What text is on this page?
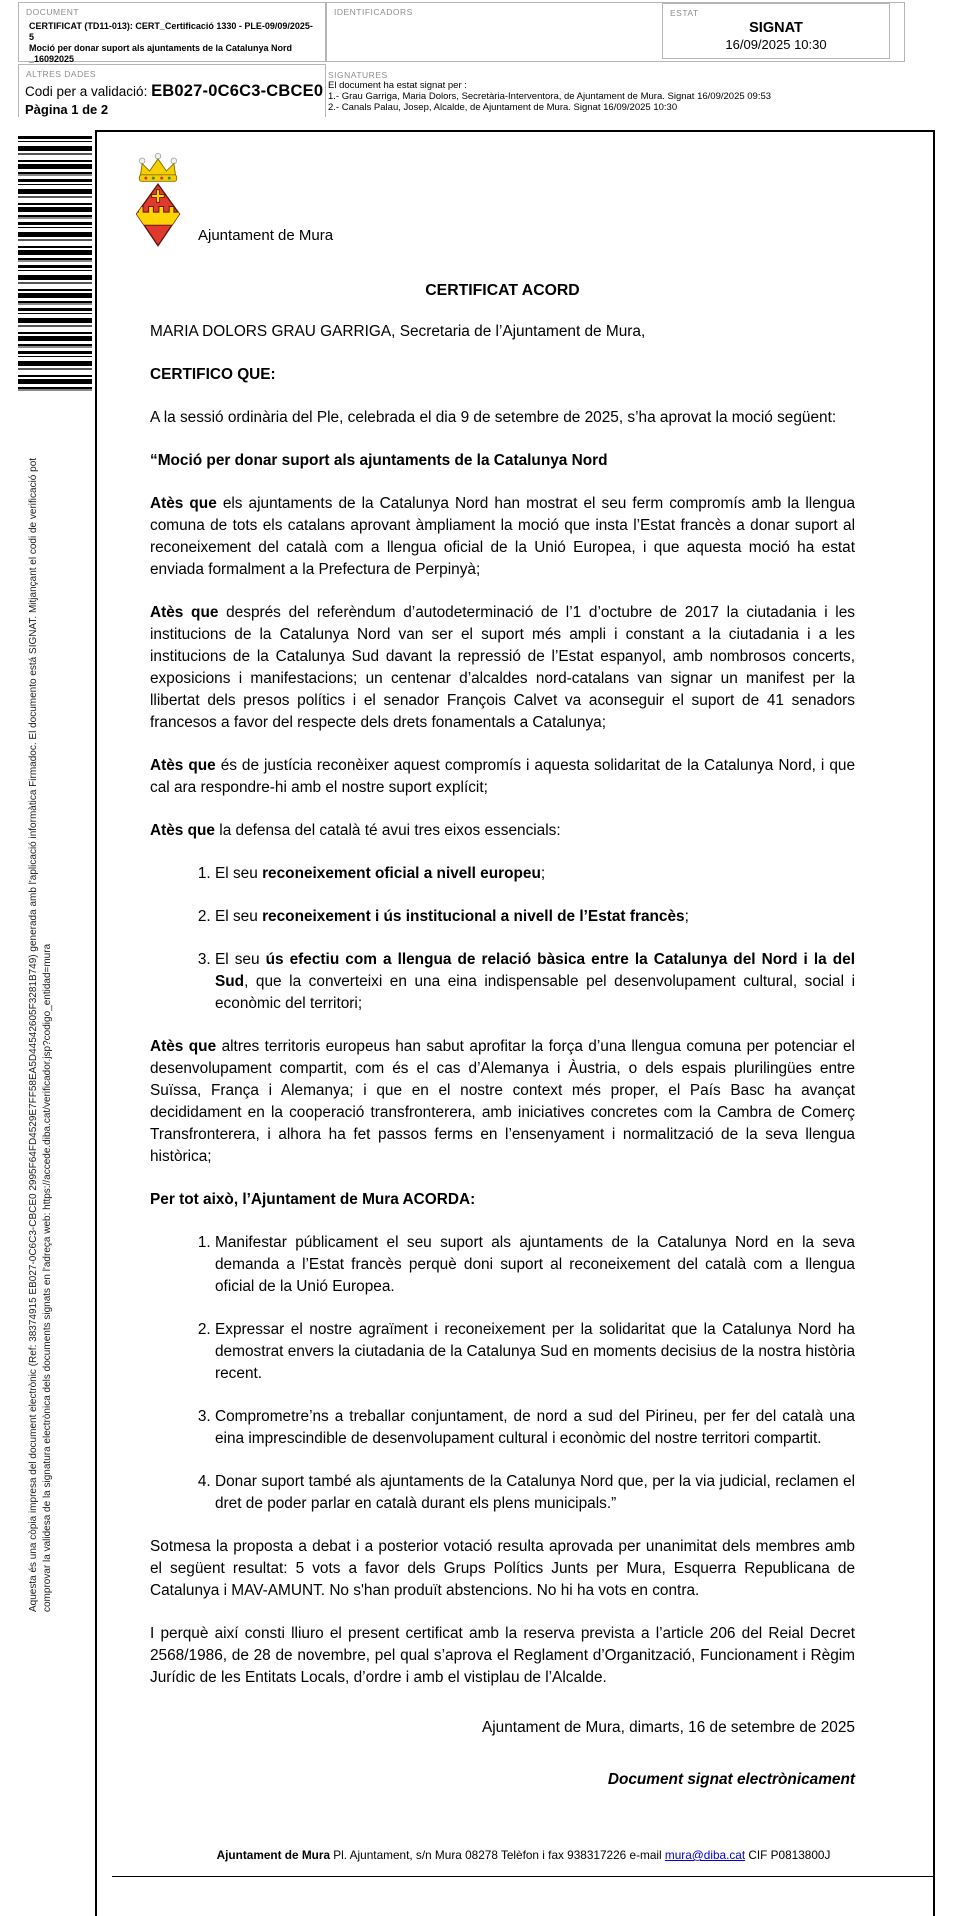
DOCUMENT
CERTIFICAT (TD11-013): CERT_Certificació 1330 - PLE-09/09/2025-5
Moció per donar suport als ajuntaments de la Catalunya Nord
_16092025
IDENTIFICADORS	ESTAT
SIGNAT
16/09/2025 10:30
ALTRES DADES
Codi per a validació: EB027-0C6C3-CBCE0
Pàgina 1 de 2
SIGNATURES
El document ha estat signat per :
1.- Grau Garriga, Maria Dolors, Secretària-Interventora, de Ajuntament de Mura. Signat 16/09/2025 09:53
2.- Canals Palau, Josep, Alcalde, de Ajuntament de Mura. Signat 16/09/2025 10:30
Aquesta és una còpia impresa del document electrònic (Ref: 38374915 EB027-0C6C3-CBCE0 2995F64FD4529E7FF58EA5D44542605F3281B749) generada amb l'aplicació informàtica Firmadoc. El documento está SIGNAT. Mitjançant el codi de verificació pot comprovar la validesa de la signatura electrònica dels documents signats en l'adreça web: https://accede.diba.cat/verificador.jsp?codigo_entidad=mura
Ajuntament de Mura
CERTIFICAT ACORD

MARIA DOLORS GRAU GARRIGA, Secretaria de l’Ajuntament de Mura,

CERTIFICO QUE:

A la sessió ordinària del Ple, celebrada el dia 9 de setembre de 2025, s’ha aprovat la moció següent:

“Moció per donar suport als ajuntaments de la Catalunya Nord

Atès que els ajuntaments de la Catalunya Nord han mostrat el seu ferm compromís amb la llengua comuna de tots els catalans aprovant àmpliament la moció que insta l’Estat francès a donar suport al reconeixement del català com a llengua oficial de la Unió Europea, i que aquesta moció ha estat enviada formalment a la Prefectura de Perpinyà;

Atès que després del referèndum d’autodeterminació de l’1 d’octubre de 2017 la ciutadania i les institucions de la Catalunya Nord van ser el suport més ampli i constant a la ciutadania i a les institucions de la Catalunya Sud davant la repressió de l’Estat espanyol, amb nombrosos concerts, exposicions i manifestacions; un centenar d’alcaldes nord-catalans van signar un manifest per la llibertat dels presos polítics i el senador François Calvet va aconseguir el suport de 41 senadors francesos a favor del respecte dels drets fonamentals a Catalunya;

Atès que és de justícia reconèixer aquest compromís i aquesta solidaritat de la Catalunya Nord, i que cal ara respondre-hi amb el nostre suport explícit;

Atès que la defensa del català té avui tres eixos essencials:

1. El seu reconeixement oficial a nivell europeu;
2. El seu reconeixement i ús institucional a nivell de l’Estat francès;
3. El seu ús efectiu com a llengua de relació bàsica entre la Catalunya del Nord i la del Sud, que la converteixi en una eina indispensable pel desenvolupament cultural, social i econòmic del territori;

Atès que altres territoris europeus han sabut aprofitar la força d’una llengua comuna per potenciar el desenvolupament compartit, com és el cas d’Alemanya i Àustria, o dels espais plurilingües entre Suïssa, França i Alemanya; i que en el nostre context més proper, el País Basc ha avançat decididament en la cooperació transfronterera, amb iniciatives concretes com la Cambra de Comerç Transfronterera, i alhora ha fet passos ferms en l’ensenyament i normalització de la seva llengua històrica;

Per tot això, l’Ajuntament de Mura ACORDA:

1. Manifestar públicament el seu suport als ajuntaments de la Catalunya Nord en la seva demanda a l’Estat francès perquè doni suport al reconeixement del català com a llengua oficial de la Unió Europea.
2. Expressar el nostre agraïment i reconeixement per la solidaritat que la Catalunya Nord ha demostrat envers la ciutadania de la Catalunya Sud en moments decisius de la nostra història recent.
3. Comprometre’ns a treballar conjuntament, de nord a sud del Pirineu, per fer del català una eina imprescindible de desenvolupament cultural i econòmic del nostre territori compartit.
4. Donar suport també als ajuntaments de la Catalunya Nord que, per la via judicial, reclamen el dret de poder parlar en català durant els plens municipals.”

Sotmesa la proposta a debat i a posterior votació resulta aprovada per unanimitat dels membres amb el següent resultat: 5 vots a favor dels Grups Polítics Junts per Mura, Esquerra Republicana de Catalunya i MAV-AMUNT. No s'han produït abstencions. No hi ha vots en contra.

I perquè així consti lliuro el present certificat amb la reserva prevista a l’article 206 del Reial Decret 2568/1986, de 28 de novembre, pel qual s’aprova el Reglament d’Organització, Funcionament i Règim Jurídic de les Entitats Locals, d’ordre i amb el vistiplau de l’Alcalde.

Ajuntament de Mura, dimarts, 16 de setembre de 2025
Document signat electrònicament
Ajuntament de Mura Pl. Ajuntament, s/n Mura 08278 Telèfon i fax 938317226 e-mail mura@diba.cat CIF P0813800J
